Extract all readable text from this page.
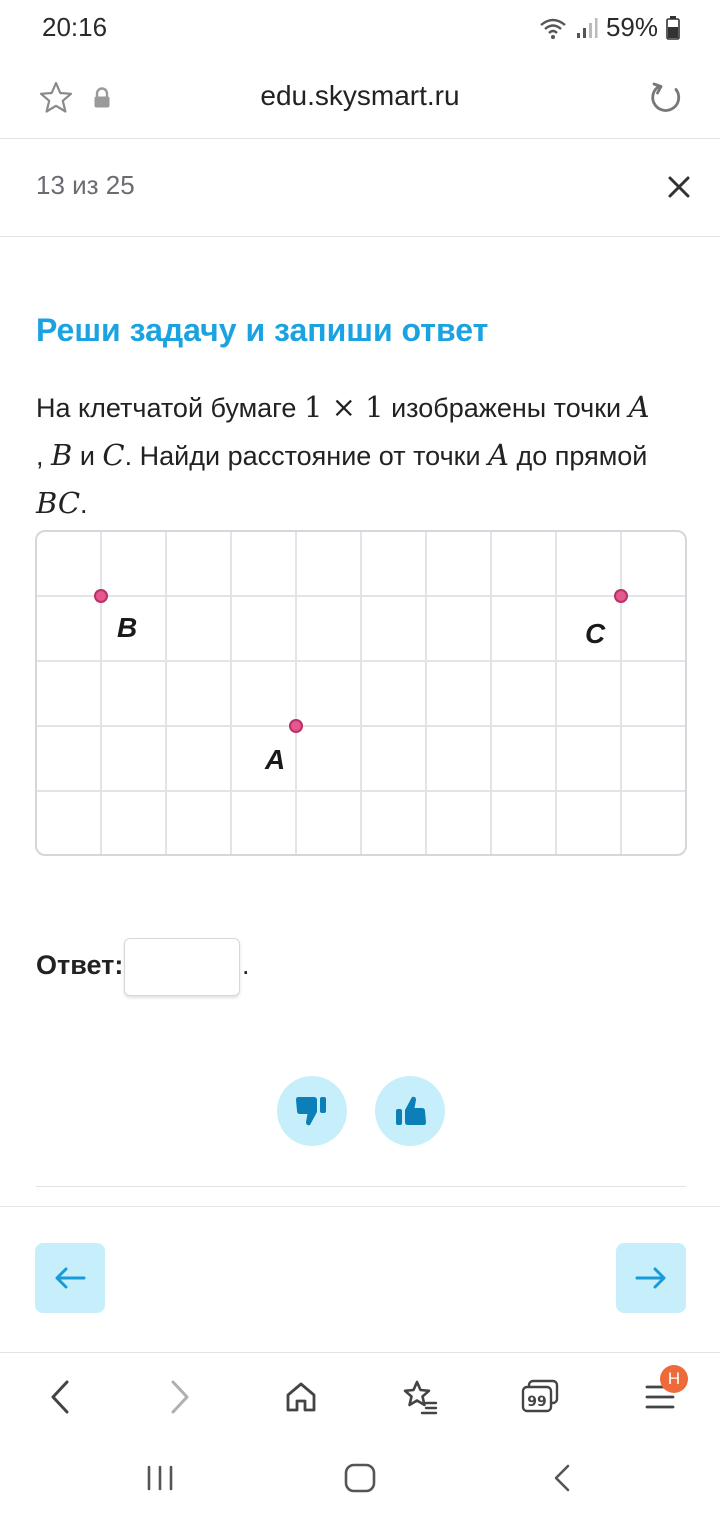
20:16	59%
edu.skysmart.ru
13 из 25
Реши задачу и запиши ответ
На клетчатой бумаге 1 × 1 изображены точки A
, B и C. Найди расстояние от точки A до прямой
BC.
B	C
A
Ответ:	.
99
H
